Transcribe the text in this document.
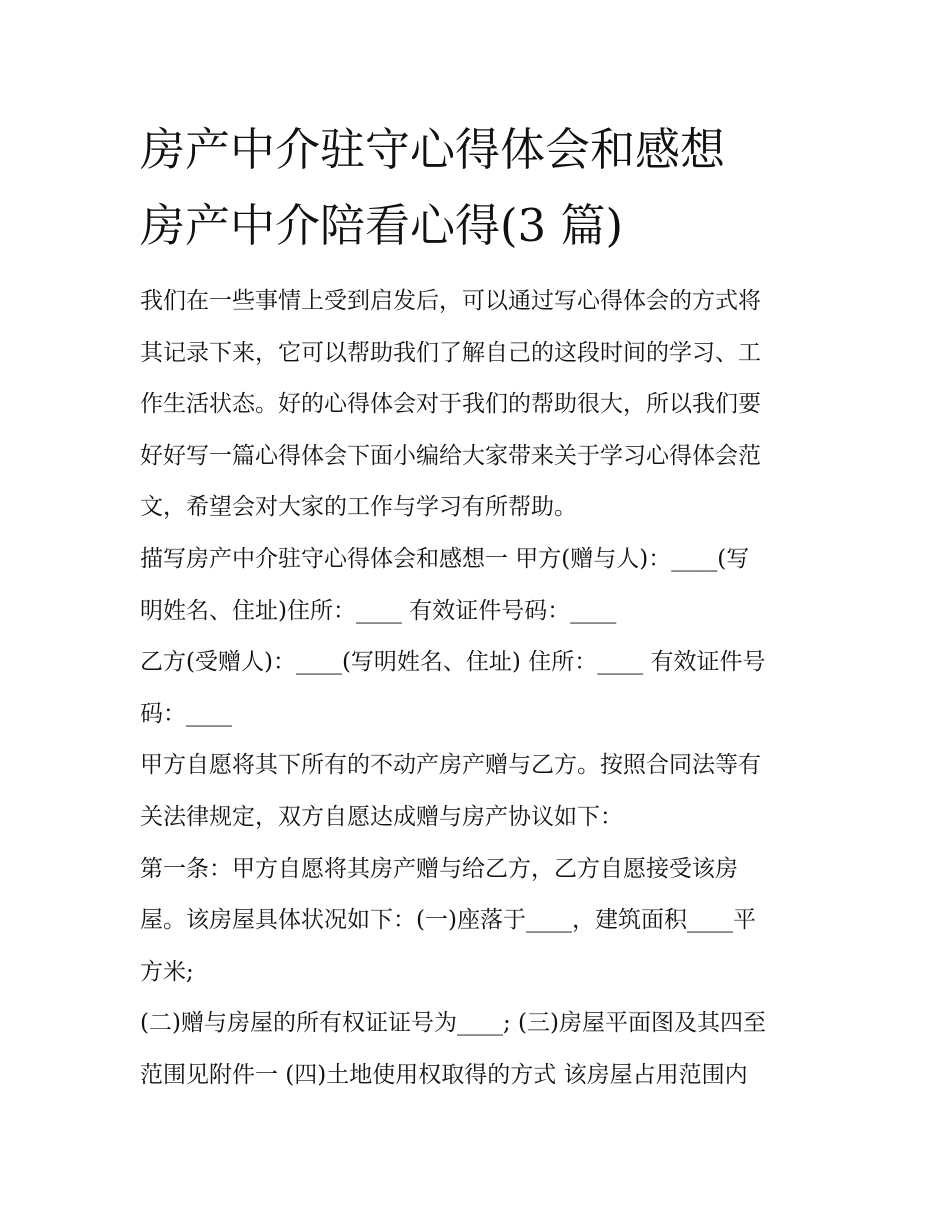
房产中介驻守心得体会和感想
房产中介陪看心得(3 篇)

我们在一些事情上受到启发后，可以通过写心得体会的方式将
其记录下来，它可以帮助我们了解自己的这段时间的学习、工
作生活状态。好的心得体会对于我们的帮助很大，所以我们要
好好写一篇心得体会下面小编给大家带来关于学习心得体会范
文，希望会对大家的工作与学习有所帮助。

描写房产中介驻守心得体会和感想一 甲方(赠与人)：____(写
明姓名、住址)住所：____ 有效证件号码：____

乙方(受赠人)：____(写明姓名、住址) 住所：____ 有效证件号
码：____

甲方自愿将其下所有的不动产房产赠与乙方。按照合同法等有
关法律规定，双方自愿达成赠与房产协议如下：

第一条：甲方自愿将其房产赠与给乙方，乙方自愿接受该房
屋。该房屋具体状况如下：(一)座落于____，建筑面积____平
方米;

(二)赠与房屋的所有权证证号为____; (三)房屋平面图及其四至
范围见附件一 (四)土地使用权取得的方式 该房屋占用范围内
